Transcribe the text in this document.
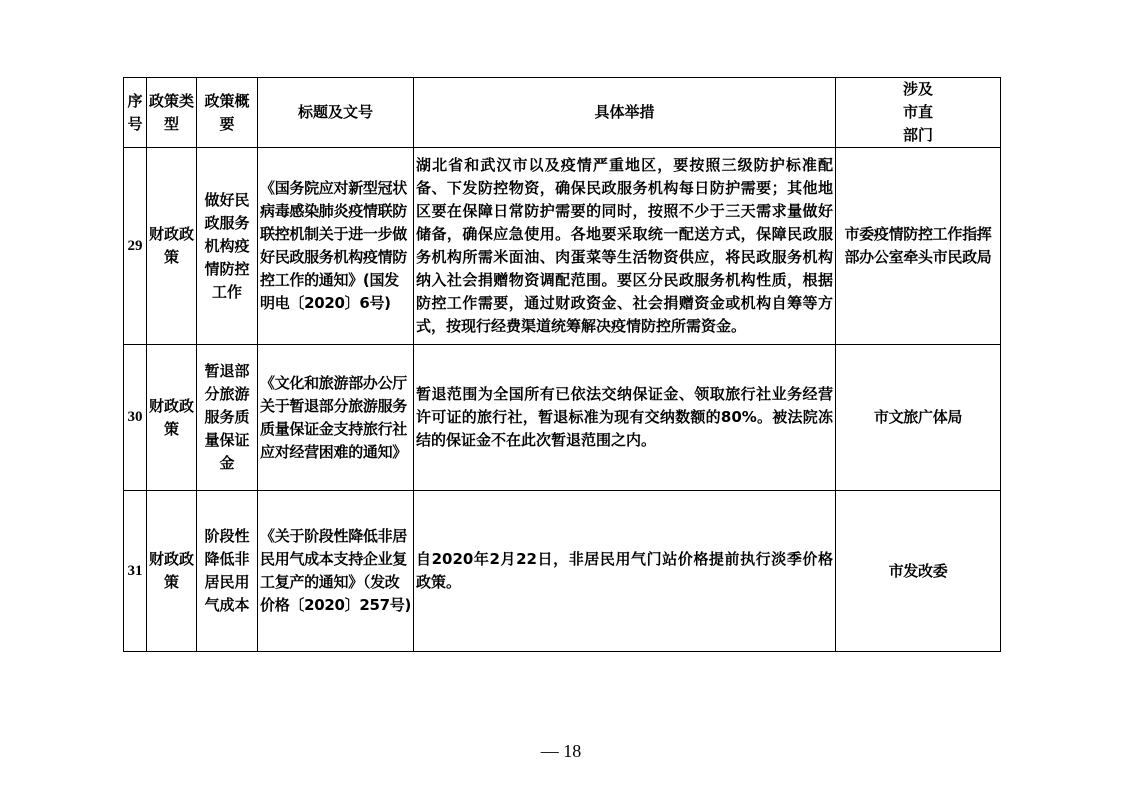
序号	政策类型	政策概要	标题及文号	具体举措	涉及市直部门
29	财政政策	做好民政服务机构疫情防控工作	《国务院应对新型冠状病毒感染肺炎疫情联防联控机制关于进一步做好民政服务机构疫情防控工作的通知》(国发明电〔2020〕6号)	湖北省和武汉市以及疫情严重地区，要按照三级防护标准配备、下发防控物资，确保民政服务机构每日防护需要；其他地区要在保障日常防护需要的同时，按照不少于三天需求量做好储备，确保应急使用。各地要采取统一配送方式，保障民政服务机构所需米面油、肉蛋菜等生活物资供应，将民政服务机构纳入社会捐赠物资调配范围。要区分民政服务机构性质，根据防控工作需要，通过财政资金、社会捐赠资金或机构自筹等方式，按现行经费渠道统筹解决疫情防控所需资金。	市委疫情防控工作指挥部办公室牵头市民政局
30	财政政策	暂退部分旅游服务质量保证金	《文化和旅游部办公厅关于暂退部分旅游服务质量保证金支持旅行社应对经营困难的通知》	暂退范围为全国所有已依法交纳保证金、领取旅行社业务经营许可证的旅行社，暂退标准为现有交纳数额的80%。被法院冻结的保证金不在此次暂退范围之内。	市文旅广体局
31	财政政策	阶段性降低非居民用气成本	《关于阶段性降低非居民用气成本支持企业复工复产的通知》（发改价格〔2020〕257号)	自2020年2月22日，非居民用气门站价格提前执行淡季价格政策。	市发改委
— 18
